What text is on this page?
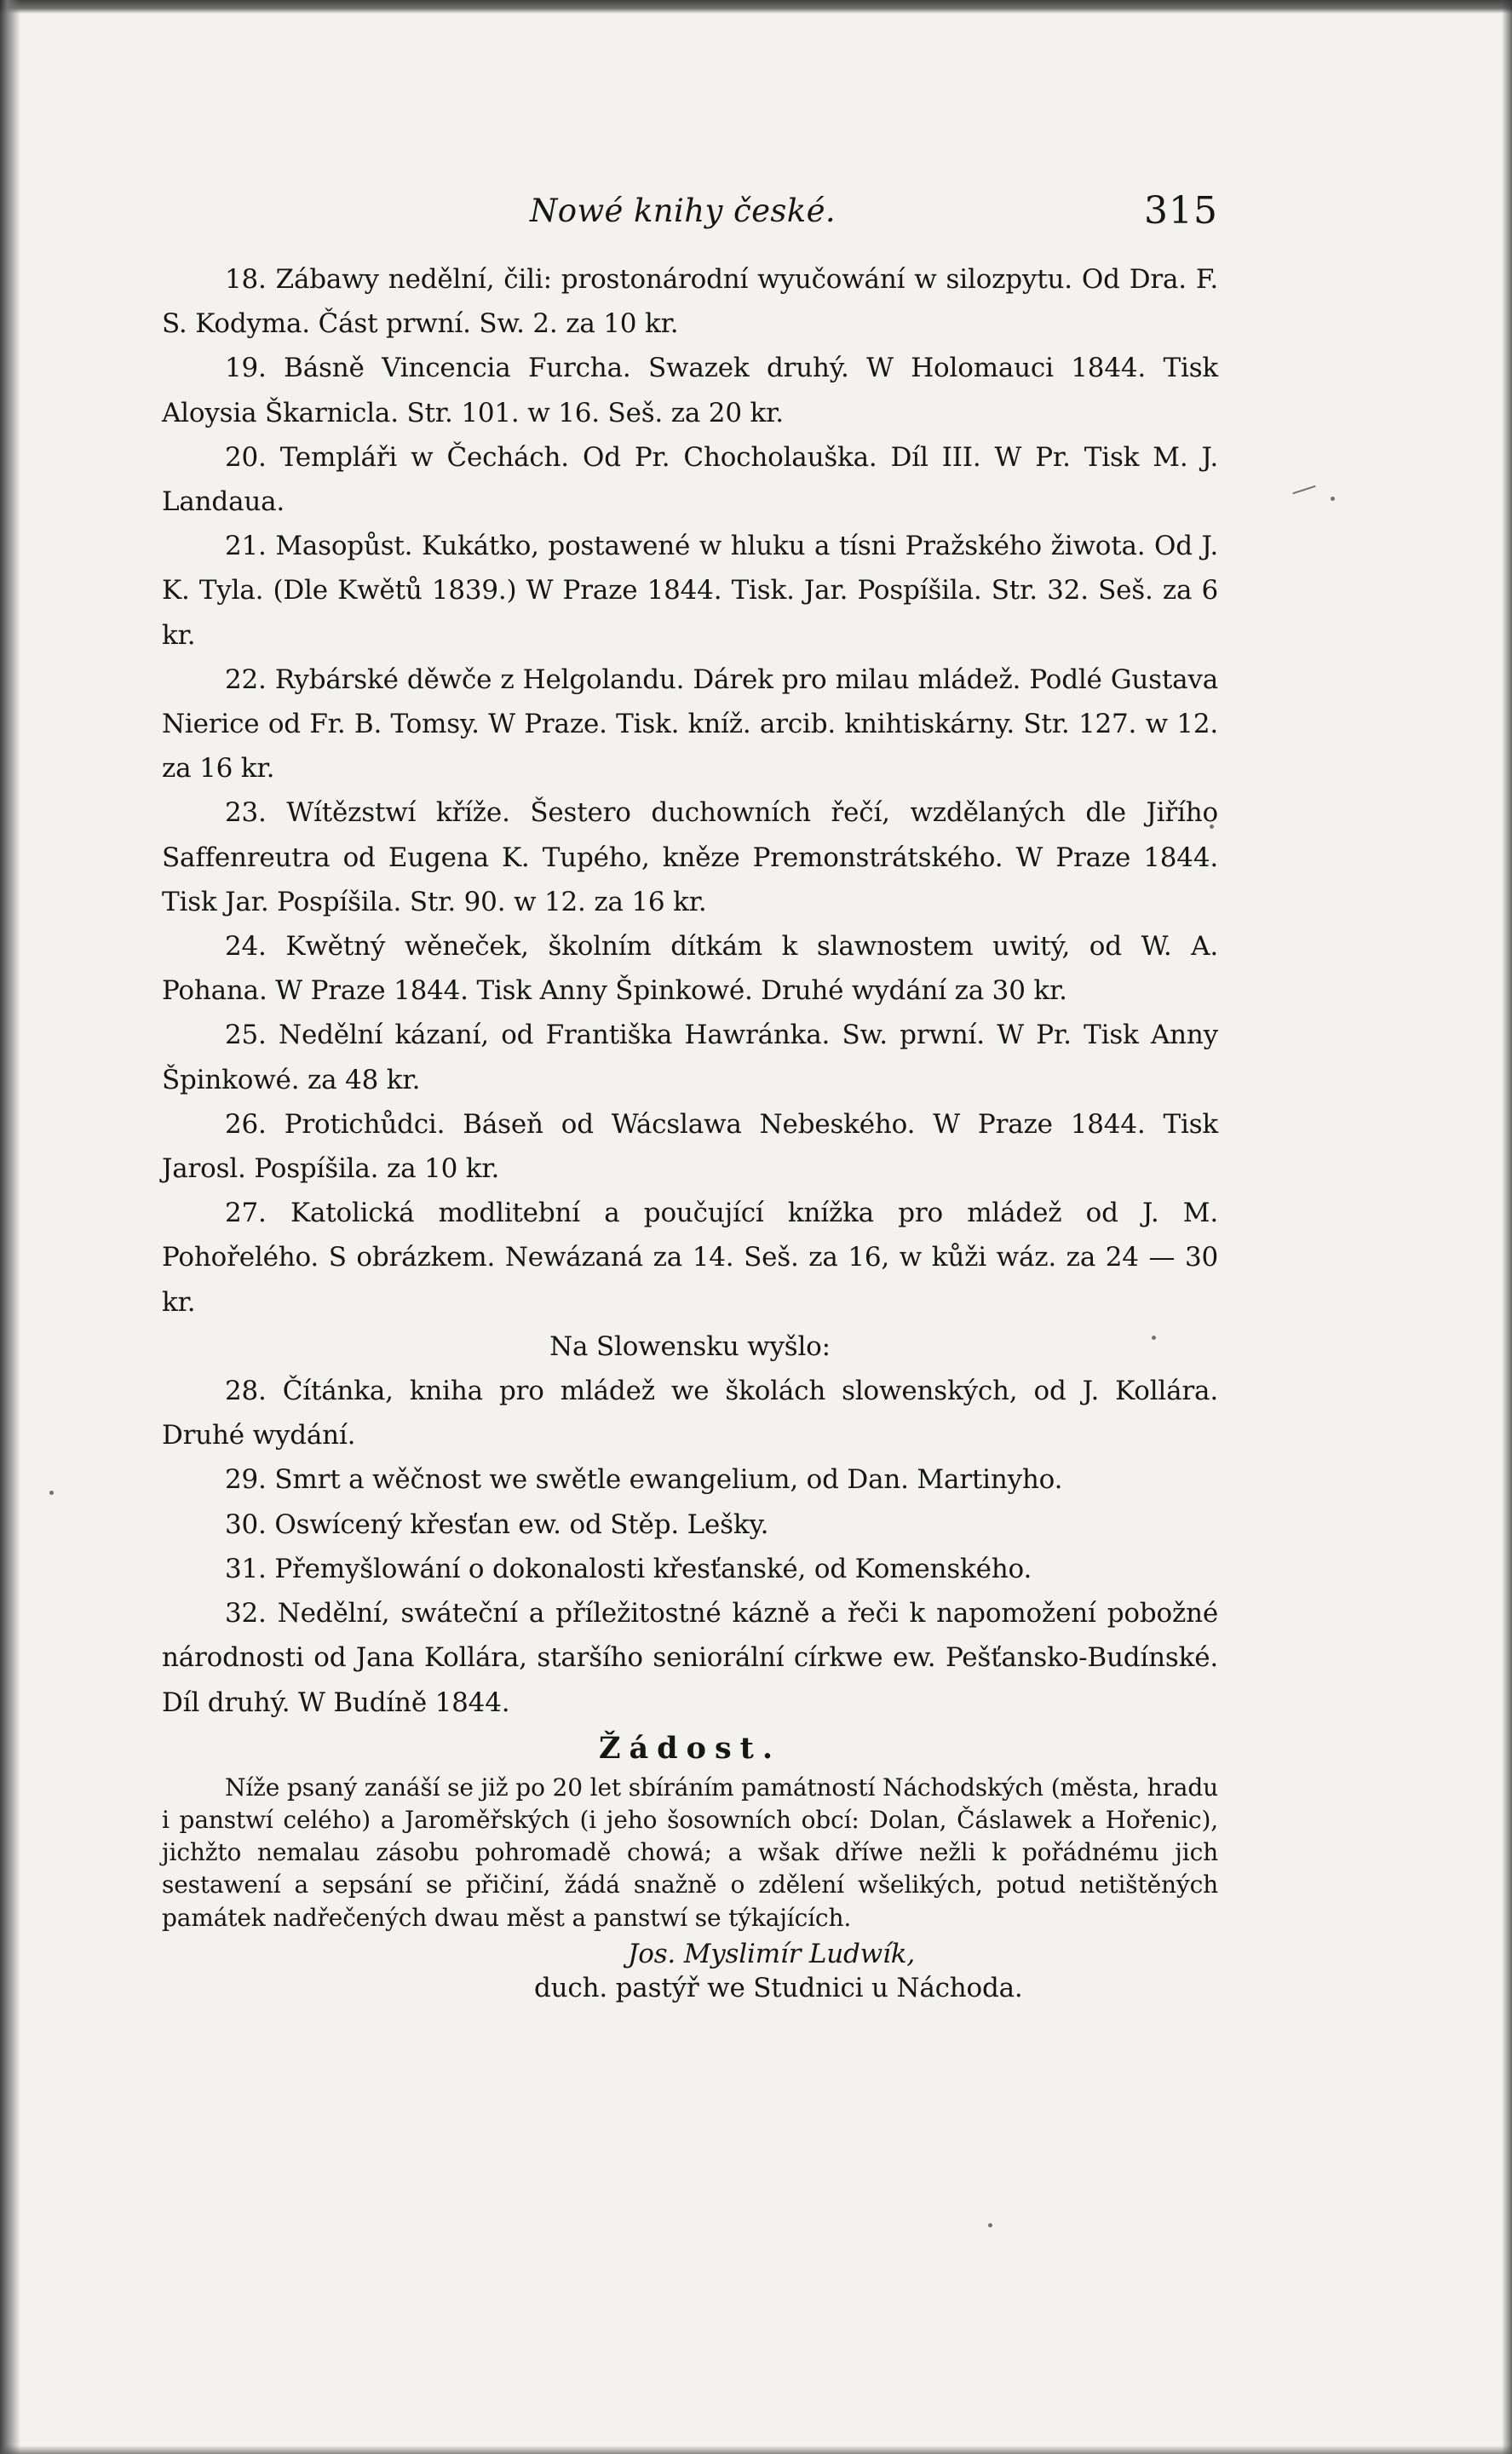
Nowé knihy české.	315

18. Zábawy nedělní, čili: prostonárodní wyučowání w silozpytu. Od Dra. F. S. Kodyma. Část prwní. Sw. 2. za 10 kr.

19. Básně Vincencia Furcha. Swazek druhý. W Holomauci 1844. Tisk Aloysia Škarnicla. Str. 101. w 16. Seš. za 20 kr.

20. Templáři w Čechách. Od Pr. Chocholauška. Díl III. W Pr. Tisk M. J. Landaua.

21. Masopůst. Kukátko, postawené w hluku a tísni Pražského žiwota. Od J. K. Tyla. (Dle Kwětů 1839.) W Praze 1844. Tisk. Jar. Pospíšila. Str. 32. Seš. za 6 kr.

22. Rybárské děwče z Helgolandu. Dárek pro milau mládež. Podlé Gustava Nierice od Fr. B. Tomsy. W Praze. Tisk. kníž. arcib. knihtiskárny. Str. 127. w 12. za 16 kr.

23. Wítězstwí kříže. Šestero duchowních řečí, wzdělaných dle Jiřího Saffenreutra od Eugena K. Tupého, kněze Premonstrátského. W Praze 1844. Tisk Jar. Pospíšila. Str. 90. w 12. za 16 kr.

24. Kwětný wěneček, školním dítkám k slawnostem uwitý, od W. A. Pohana. W Praze 1844. Tisk Anny Špinkowé. Druhé wydání za 30 kr.

25. Nedělní kázaní, od Františka Hawránka. Sw. prwní. W Pr. Tisk Anny Špinkowé. za 48 kr.

26. Protichůdci. Báseň od Wácslawa Nebeského. W Praze 1844. Tisk Jarosl. Pospíšila. za 10 kr.

27. Katolická modlitební a poučující knížka pro mládež od J. M. Pohořelého. S obrázkem. Newázaná za 14. Seš. za 16, w kůži wáz. za 24 — 30 kr.

Na Slowensku wyšlo:

28. Čítánka, kniha pro mládež we školách slowenských, od J. Kollára. Druhé wydání.

29. Smrt a wěčnost we swětle ewangelium, od Dan. Martinyho.

30. Oswícený křesťan ew. od Stěp. Lešky.

31. Přemyšlowání o dokonalosti křesťanské, od Komenského.

32. Nedělní, swáteční a příležitostné kázně a řeči k napomožení pobožné národnosti od Jana Kollára, staršího seniorální církwe ew. Pešťansko-Budínské. Díl druhý. W Budíně 1844.

Žádost.

Níže psaný zanáší se již po 20 let sbíráním památností Náchodských (města, hradu i panstwí celého) a Jaroměřských (i jeho šosowních obcí: Dolan, Čáslawek a Hořenic), jichžto nemalau zásobu pohromadě chowá; a wšak dříwe nežli k pořádnému jich sestawení a sepsání se přičiní, žádá snažně o zdělení wšelikých, potud netištěných památek nadřečených dwau měst a panstwí se týkajících.

Jos. Myslimír Ludwík,
duch. pastýř we Studnici u Náchoda.
